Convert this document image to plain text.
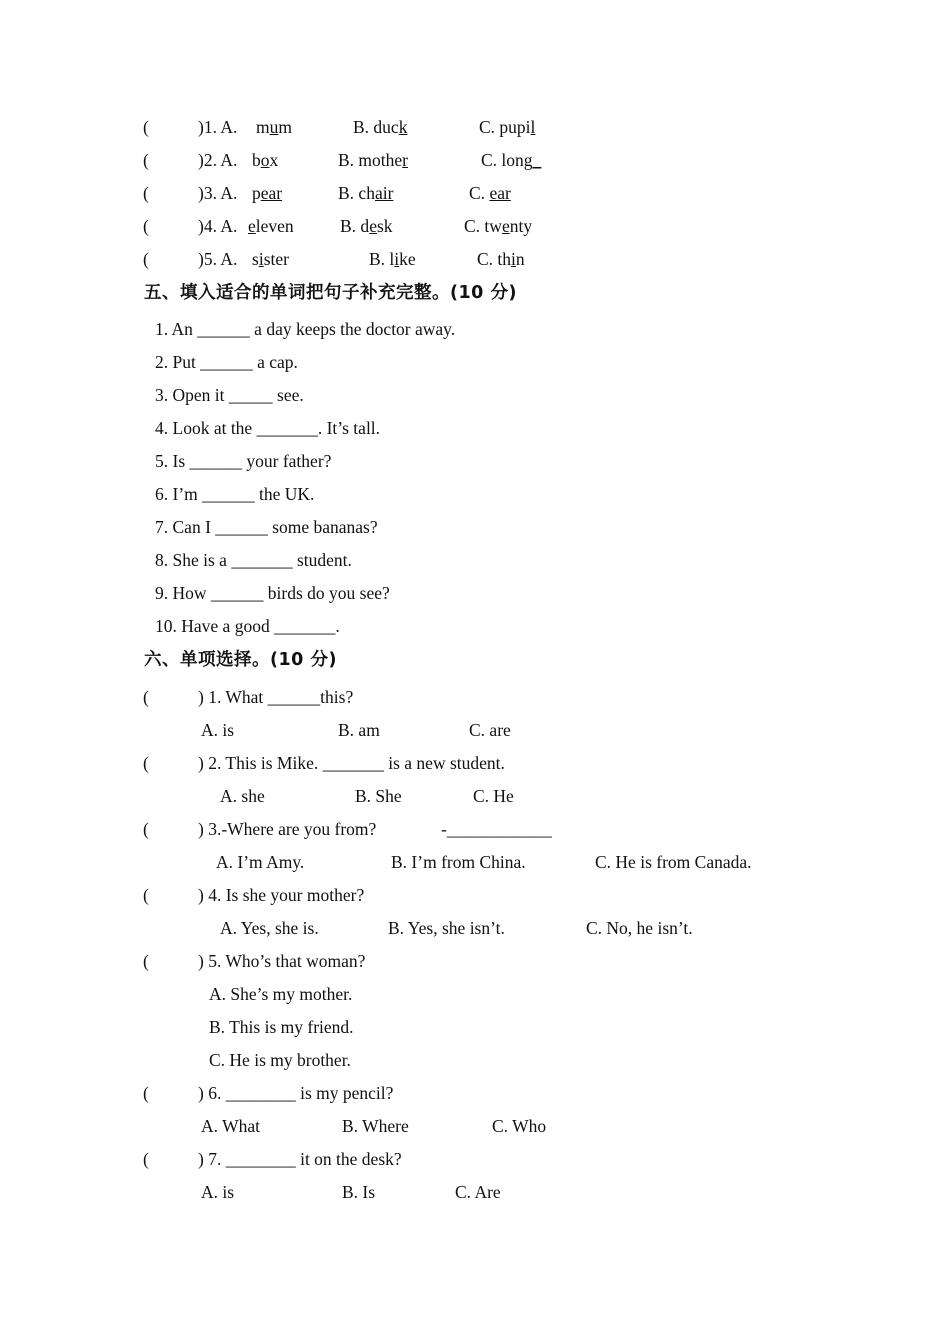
(	)1. A. mum	B. duck	C. pupil
(	)2. A. box	B. mother	C. long_
(	)3. A. pear	B. chair	C. ear
(	)4. A. eleven	B. desk	C. twenty
(	)5. A. sister	B. like	C. thin
五、填入适合的单词把句子补充完整。(10 分)
1. An ______ a day keeps the doctor away.
2. Put ______ a cap.
3. Open it _____ see.
4. Look at the _______. It’s tall.
5. Is ______ your father?
6. I’m ______ the UK.
7. Can I ______ some bananas?
8. She is a _______ student.
9. How ______ birds do you see?
10. Have a good _______.
六、单项选择。(10 分)
(	) 1. What ______this?
A. is	B. am	C. are
(	) 2. This is Mike. _______ is a new student.
A. she	B. She	C. He
(	) 3.-Where are you from?	-____________
A. I’m Amy.	B. I’m from China.	C. He is from Canada.
(	) 4. Is she your mother?
A. Yes, she is.	B. Yes, she isn’t.	C. No, he isn’t.
(	) 5. Who’s that woman?
A. She’s my mother.
B. This is my friend.
C. He is my brother.
(	) 6. ________ is my pencil?
A. What	B. Where	C. Who
(	) 7. ________ it on the desk?
A. is	B. Is	C. Are
